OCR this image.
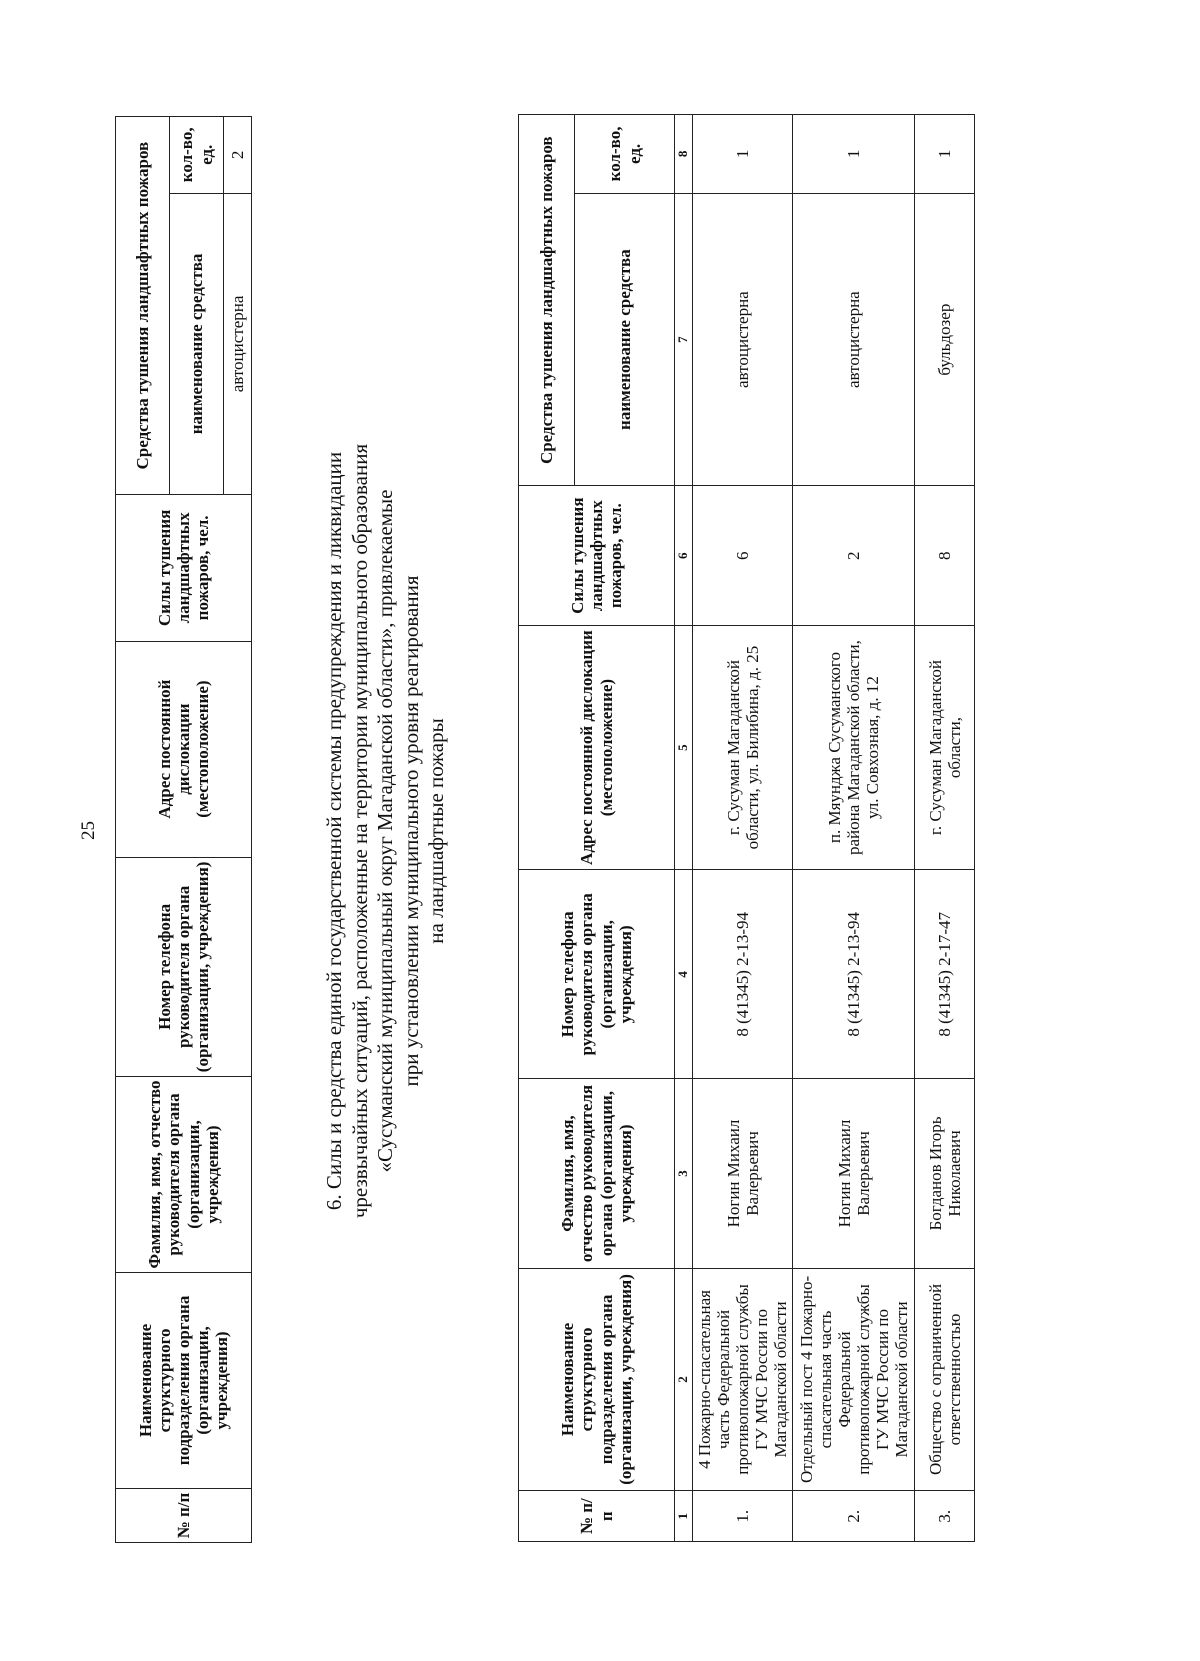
25
№ п/п	Наименование структурного подразделения органа (организации, учреждения)	Фамилия, имя, отчество руководителя органа (организации, учреждения)	Номер телефона руководителя органа (организации, учреждения)	Адрес постоянной дислокации (местоположение)	Силы тушения ландшафтных пожаров, чел.	Средства тушения ландшафтных пожаров	
						наименование средства	кол-во, ед.
						автоцистерна	2
6. Силы и средства единой государственной системы предупреждения и ликвидации чрезвычайных ситуаций, расположенные на территории муниципального образования «Сусуманский муниципальный округ Магаданской области», привлекаемые при установлении муниципального уровня реагирования на ландшафтные пожары
№ п/п	Наименование структурного подразделения органа (организации, учреждения)	Фамилия, имя, отчество руководителя органа (организации, учреждения)	Номер телефона руководителя органа (организации, учреждения)	Адрес постоянной дислокации (местоположение)	Силы тушения ландшафтных пожаров, чел.	Средства тушения ландшафтных пожаров	
						наименование средства	кол-во, ед.
1	2	3	4	5	6	7	8
1.	4 Пожарно-спасательная часть Федеральной противопожарной службы ГУ МЧС России по Магаданской области	Ногин Михаил Валерьевич	8 (41345) 2-13-94	г. Сусуман Магаданской области, ул. Билибина, д. 25	6	автоцистерна	1
2.	Отдельный пост 4 Пожарно-спасательная часть Федеральной противопожарной службы ГУ МЧС России по Магаданской области	Ногин Михаил Валерьевич	8 (41345) 2-13-94	п. Мяунджа Сусуманского района Магаданской области, ул. Совхозная, д. 12	2	автоцистерна	1
3.	Общество с ограниченной ответственностью	Богданов Игорь Николаевич	8 (41345) 2-17-47	г. Сусуман Магаданской области,	8	бульдозер	1
